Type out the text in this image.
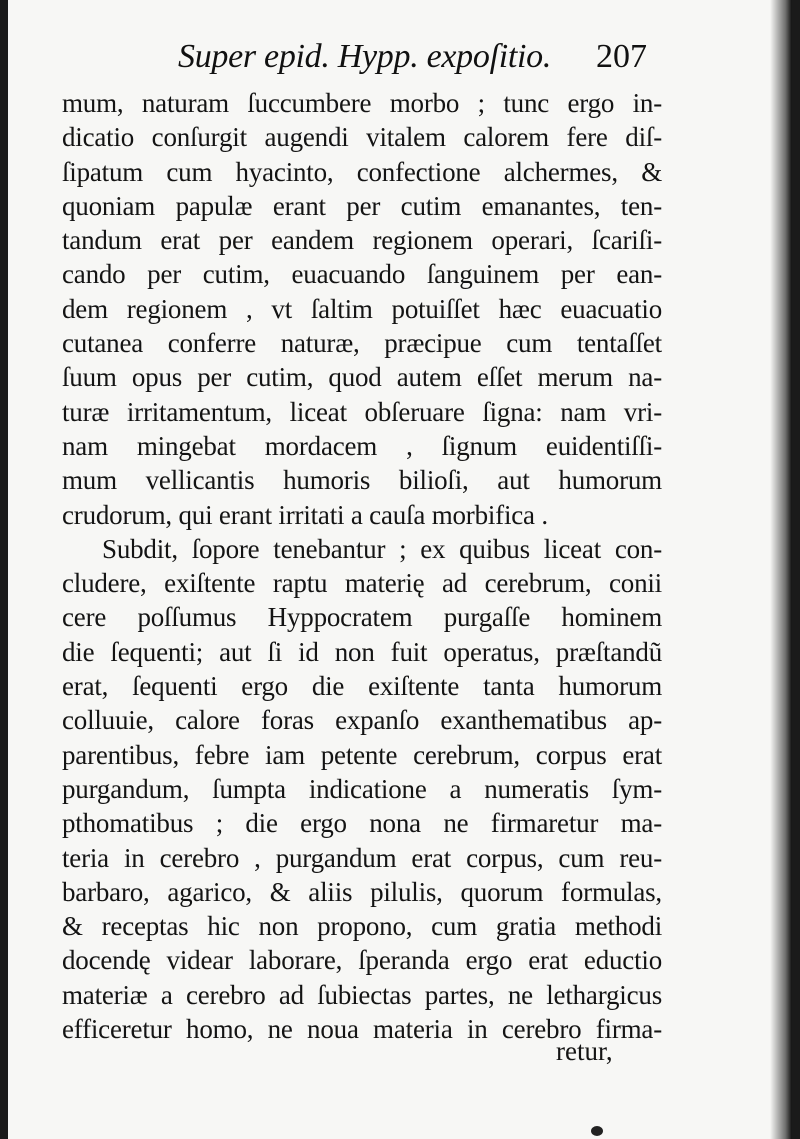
Super epid. Hypp. expoſitio. 207
mum, naturam ſuccumbere morbo ; tunc ergo in-
dicatio conſurgit augendi vitalem calorem fere diſ-
ſipatum cum hyacinto, confectione alchermes, &
quoniam papulæ erant per cutim emanantes, ten-
tandum erat per eandem regionem operari, ſcariſi-
cando per cutim, euacuando ſanguinem per ean-
dem regionem , vt ſaltim potuiſſet hæc euacuatio
cutanea conferre naturæ, præcipue cum tentaſſet
ſuum opus per cutim, quod autem eſſet merum na-
turæ irritamentum, liceat obſeruare ſigna: nam vri-
nam mingebat mordacem , ſignum euidentiſſi-
mum vellicantis humoris bilioſi, aut humorum
crudorum, qui erant irritati a cauſa morbifica .
Subdit, ſopore tenebantur ; ex quibus liceat con-
cludere, exiſtente raptu materię ad cerebrum, conii
cere poſſumus Hyppocratem purgaſſe hominem
die ſequenti; aut ſi id non fuit operatus, præſtandũ
erat, ſequenti ergo die exiſtente tanta humorum
colluuie, calore foras expanſo exanthematibus ap-
parentibus, febre iam petente cerebrum, corpus erat
purgandum, ſumpta indicatione a numeratis ſym-
pthomatibus ; die ergo nona ne firmaretur ma-
teria in cerebro , purgandum erat corpus, cum reu-
barbaro, agarico, & aliis pilulis, quorum formulas,
& receptas hic non propono, cum gratia methodi
docendę videar laborare, ſperanda ergo erat eductio
materiæ a cerebro ad ſubiectas partes, ne lethargicus
efficeretur homo, ne noua materia in cerebro firma-
retur,
